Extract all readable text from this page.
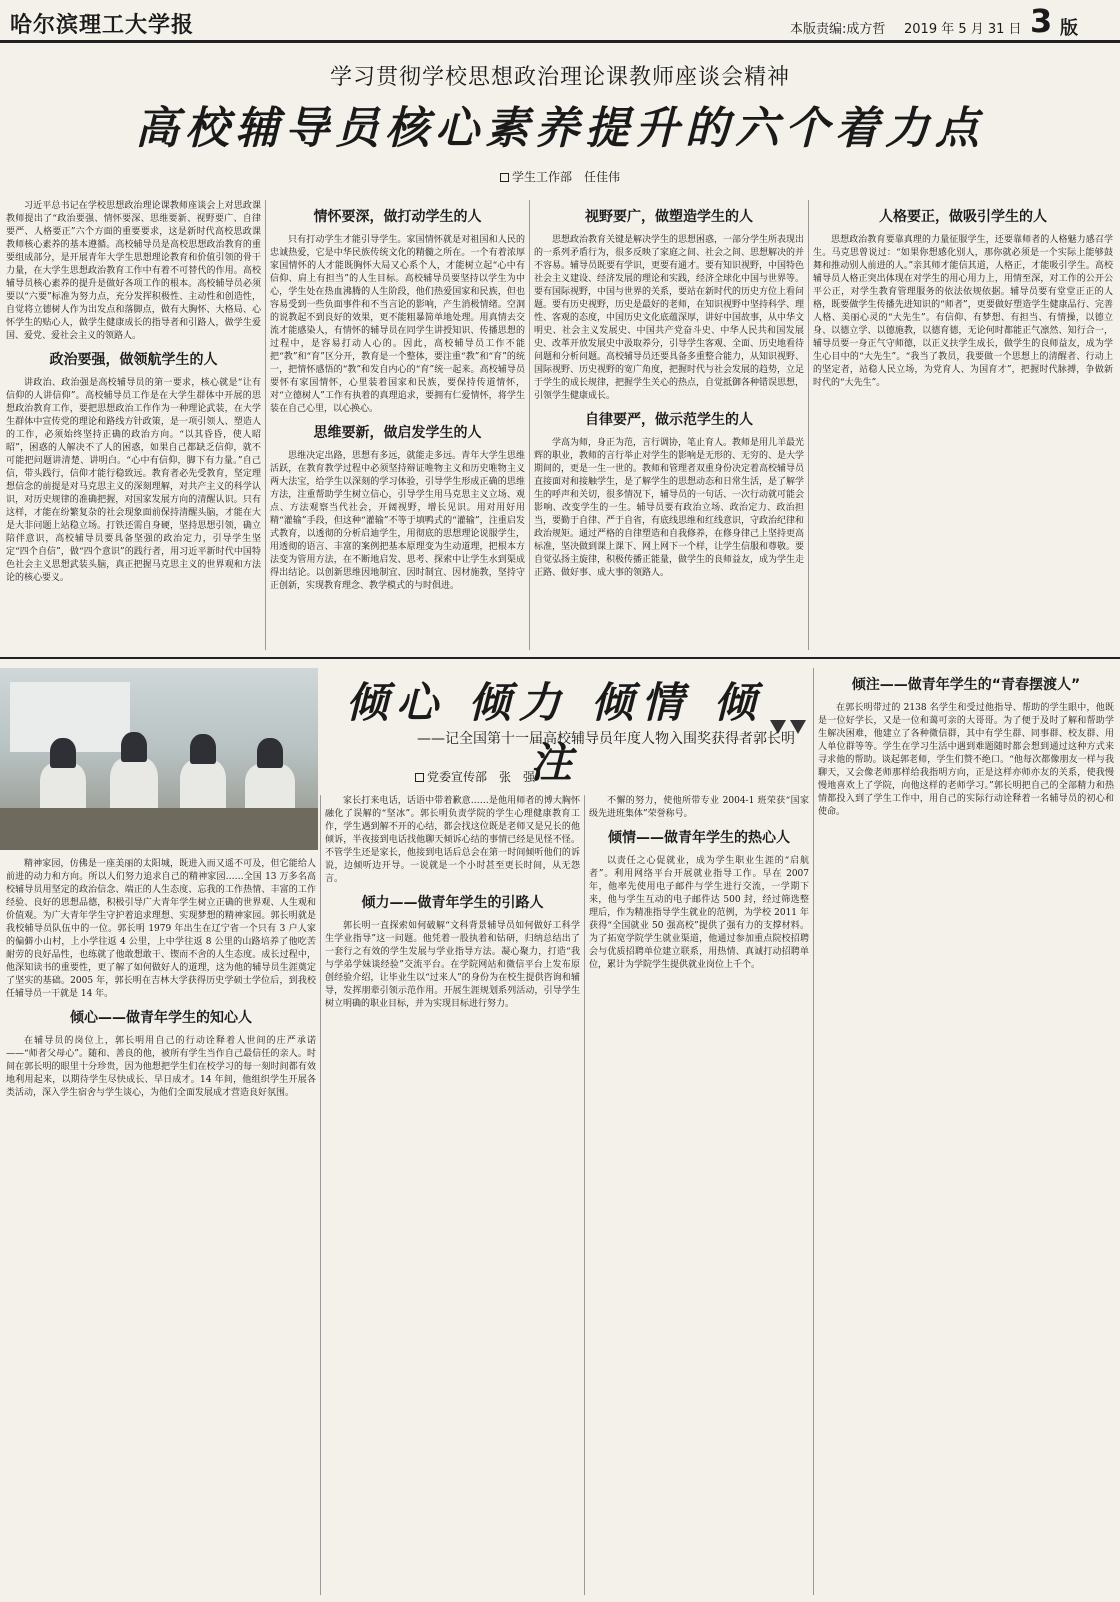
哈尔滨理工大学报	本版责编:成方哲 2019 年 5 月 31 日 3 版
学习贯彻学校思想政治理论课教师座谈会精神
高校辅导员核心素养提升的六个着力点
学生工作部　任佳伟

习近平总书记在学校思想政治理论课教师座谈会上对思政课教师提出了“政治要强、情怀要深、思维要新、视野要广、自律要严、人格要正”六个方面的重要要求，这是新时代高校思政课教师核心素养的基本遵循。高校辅导员是高校思想政治教育的重要组成部分，是开展青年大学生思想理论教育和价值引领的骨干力量，在大学生思想政治教育工作中有着不可替代的作用。高校辅导员核心素养的提升是做好各项工作的根本。高校辅导员必须要以“六要”标准为努力点，充分发挥积极性、主动性和创造性，自觉将立德树人作为出发点和落脚点，做有大胸怀、大格局、心怀学生的贴心人，做学生健康成长的指导者和引路人，做学生爱国、爱党、爱社会主义的领路人。

政治要强，做领航学生的人

讲政治、政治强是高校辅导员的第一要求，核心就是“让有信仰的人讲信仰”。高校辅导员工作是在大学生群体中开展的思想政治教育工作，要把思想政治工作作为一种理论武装，在大学生群体中宣传党的理论和路线方针政策，是一项引领人、塑造人的工作，必须始终坚持正确的政治方向。“以其昏昏，使人昭昭”，困惑的人解决不了人的困惑，如果自己都缺乏信仰，就不可能把问题讲清楚、讲明白。“心中有信仰，脚下有力量。”自己信，带头践行，信仰才能行稳致远。教育者必先受教育，坚定理想信念的前提是对马克思主义的深刻理解，对共产主义的科学认识，对历史规律的准确把握，对国家发展方向的清醒认识。只有这样，才能在纷繁复杂的社会现象面前保持清醒头脑，才能在大是大非问题上站稳立场。打铁还需自身硬，坚持思想引领，确立陪伴意识，高校辅导员要具备坚强的政治定力，引导学生坚定“四个自信”，做“四个意识”的践行者，用习近平新时代中国特色社会主义思想武装头脑，真正把握马克思主义的世界观和方法论的核心要义。

情怀要深，做打动学生的人

只有打动学生才能引导学生。家国情怀就是对祖国和人民的忠诚热爱，它是中华民族传统文化的精髓之所在。一个有着浓厚家国情怀的人才能既胸怀大局又心系个人，才能树立起“心中有信仰、肩上有担当”的人生目标。高校辅导员要坚持以学生为中心，学生处在热血沸腾的人生阶段，他们热爱国家和民族，但也容易受到一些负面事件和不当言论的影响，产生消极情绪。空洞的说教起不到良好的效果，更不能粗暴简单地处理。用真情去交流才能感染人，有情怀的辅导员在同学生讲授知识、传播思想的过程中，是容易打动人心的。因此，高校辅导员工作不能把“教”和“育”区分开，教育是一个整体，要注重“教”和“育”的统一，把情怀感悟的“教”和发自内心的“育”统一起来。高校辅导员要怀有家国情怀，心里装着国家和民族，要保持传道情怀，对“立德树人”工作有执着的真理追求，要拥有仁爱情怀，将学生装在自己心里，以心换心。

思维要新，做启发学生的人

思维决定出路，思想有多远，就能走多远。青年大学生思维活跃，在教育教学过程中必须坚持辩证唯物主义和历史唯物主义两大法宝，给学生以深刻的学习体验，引导学生形成正确的思维方法，注重帮助学生树立信心，引导学生用马克思主义立场、观点、方法观察当代社会，开阔视野，增长见识。用对用好用精“灌输”手段，但这种“灌输”不等于填鸭式的“灌输”，注重启发式教育，以透彻的分析启迪学生，用彻底的思想理论说服学生，用透彻的语言、丰富的案例把基本原理变为生动道理，把根本方法变为管用方法，在不断地启发、思考、探索中让学生水到渠成得出结论。以创新思维因地制宜、因时制宜、因材施教，坚持守正创新，实现教育理念、教学模式的与时俱进。

视野要广，做塑造学生的人

思想政治教育关键是解决学生的思想困惑，一部分学生所表现出的一系列矛盾行为，很多反映了家庭之间、社会之间、思想解决的并不容易。辅导员既要有学识，更要有通才。要有知识视野，中国特色社会主义建设、经济发展的理论和实践，经济全球化中国与世界等。要有国际视野，中国与世界的关系，要站在新时代的历史方位上看问题。要有历史视野，历史是最好的老师，在知识视野中坚持科学、理性、客观的态度，中国历史文化底蕴深厚，讲好中国故事，从中华文明史、社会主义发展史、中国共产党奋斗史、中华人民共和国发展史、改革开放发展史中汲取养分，引导学生客观、全面、历史地看待问题和分析问题。高校辅导员还要具备多重整合能力，从知识视野、国际视野、历史视野的宽广角度，把握时代与社会发展的趋势，立足于学生的成长规律，把握学生关心的热点，自觉抵御各种错误思想，引领学生健康成长。

自律要严，做示范学生的人

学高为师，身正为范，言行调协，笔止育人。教师是用儿羊最光辉的职业，教师的言行举止对学生的影响是无形的、无穷的、是大学期间的，更是一生一世的。教师和管理者双重身份决定着高校辅导员直接面对和接触学生，是了解学生的思想动态和日常生活，是了解学生的呼声和关切，很多情况下，辅导员的一句话、一次行动就可能会影响、改变学生的一生。辅导员要有政治立场、政治定力、政治担当，要勤于自律、严于自省，有底线思维和红线意识，守政治纪律和政治规矩。通过严格的自律塑造和自我修养，在修身律己上坚持更高标准，坚决做到课上课下、网上网下一个样，让学生信服和尊敬。要自觉弘扬主旋律，积极传播正能量，做学生的良师益友，成为学生走正路、做好事、成大事的领路人。

人格要正，做吸引学生的人

思想政治教育要靠真理的力量征服学生，还要靠师者的人格魅力感召学生。马克思曾说过：“如果你想感化别人，那你就必须是一个实际上能够鼓舞和推动别人前进的人。”亲其师才能信其道，人格正，才能吸引学生。高校辅导员人格正突出体现在对学生的用心用力上，用情至深，对工作的公开公平公正，对学生教育管理服务的依法依规依据。辅导员要有堂堂正正的人格，既要做学生传播先进知识的“师者”，更要做好塑造学生健康品行、完善人格、美丽心灵的“大先生”。有信仰、有梦想、有担当、有情操，以德立身、以德立学、以德施教，以德育德，无论何时都能正气凛然、知行合一，辅导员要一身正气守师德，以正义扶学生成长，做学生的良师益友，成为学生心目中的“大先生”。“我当了教员，我要做一个思想上的清醒者、行动上的坚定者，站稳人民立场，为党育人、为国育才”，把握时代脉搏，争做新时代的“大先生”。

倾心 倾力 倾情 倾注
——记全国第十一届高校辅导员年度人物入围奖获得者郭长明
党委宣传部　张　强

精神家园，仿佛是一座美丽的太阳城，既进入而又遥不可及，但它能给人前进的动力和方向。所以人们努力追求自己的精神家园……全国 13 万多名高校辅导员用坚定的政治信念、端正的人生态度、忘我的工作热情、丰富的工作经验、良好的思想品德，积极引导广大青年学生树立正确的世界观、人生观和价值观。为广大青年学生守护着追求理想、实现梦想的精神家园。郭长明就是我校辅导员队伍中的一位。郭长明 1979 年出生在辽宁省一个只有 3 户人家的偏僻小山村，上小学往返 4 公里，上中学往返 8 公里的山路培养了他吃苦耐劳的良好品性，也练就了他敢想敢干、锲而不舍的人生态度。成长过程中，他深知读书的重要性，更了解了如何做好人的道理，这为他的辅导员生涯奠定了坚实的基础。2005 年，郭长明在吉林大学获得历史学硕士学位后，到我校任辅导员一干就是 14 年。

倾心——做青年学生的知心人

在辅导员的岗位上，郭长明用自己的行动诠释着人世间的庄严承诺——“师者父母心”。随和、善良的他，被所有学生当作自己最信任的亲人。时间在郭长明的眼里十分珍贵，因为他想把学生们在校学习的每一刻时间都有效地利用起来，以期待学生尽快成长、早日成才。14 年间，他组织学生开展各类活动，深入学生宿舍与学生谈心，为他们全面发展成才营造良好氛围。

家长打来电话，话语中带着歉意……是他用师者的博大胸怀融化了误解的“坚冰”。郭长明负责学院的学生心理健康教育工作，学生遇到解不开的心结，都会找这位既是老师又是兄长的他倾诉，半夜接到电话找他聊天倾诉心结的事情已经是见怪不怪。不管学生还是家长，他接到电话后总会在第一时间倾听他们的诉说，边倾听边开导。一说就是一个小时甚至更长时间，从无怨言。

倾力——做青年学生的引路人

郭长明一直探索如何破解“文科背景辅导员如何做好工科学生学业指导”这一问题。他凭着一股执着和钻研，归纳总结出了一套行之有效的学生发展与学业指导方法。凝心聚力，打造“我与学弟学妹谈经验”交流平台。在学院网站和微信平台上发布原创经验介绍，让毕业生以“过来人”的身份为在校生提供咨询和辅导，发挥朋辈引领示范作用。开展生涯规划系列活动，引导学生树立明确的职业目标，并为实现目标进行努力。

不懈的努力，使他所带专业 2004-1 班荣获“国家级先进班集体”荣誉称号。

倾情——做青年学生的热心人

以责任之心促就业，成为学生职业生涯的“启航者”。利用网络平台开展就业指导工作。早在 2007 年，他率先使用电子邮件与学生进行交流，一学期下来，他与学生互动的电子邮件达 500 封，经过筛选整理后，作为精准指导学生就业的范例，为学校 2011 年获得“全国就业 50 强高校”提供了强有力的支撑材料。为了拓宽学院学生就业渠道，他通过参加重点院校招聘会与优质招聘单位建立联系，用热情、真诚打动招聘单位，累计为学院学生提供就业岗位上千个。

倾注——做青年学生的“青春摆渡人”

在郭长明带过的 2138 名学生和受过他指导、帮助的学生眼中，他既是一位好学长，又是一位和蔼可亲的大哥哥。为了便于及时了解和帮助学生解决困难，他建立了各种微信群，其中有学生群、同事群、校友群、用人单位群等等。学生在学习生活中遇到难题随时都会想到通过这种方式来寻求他的帮助。谈起郭老师，学生们赞不绝口。“他每次都像朋友一样与我聊天，又会像老师那样给我指明方向，正是这样亦师亦友的关系，使我慢慢地喜欢上了学院，向他这样的老师学习。”郭长明把自己的全部精力和热情都投入到了学生工作中，用自己的实际行动诠释着一名辅导员的初心和使命。
